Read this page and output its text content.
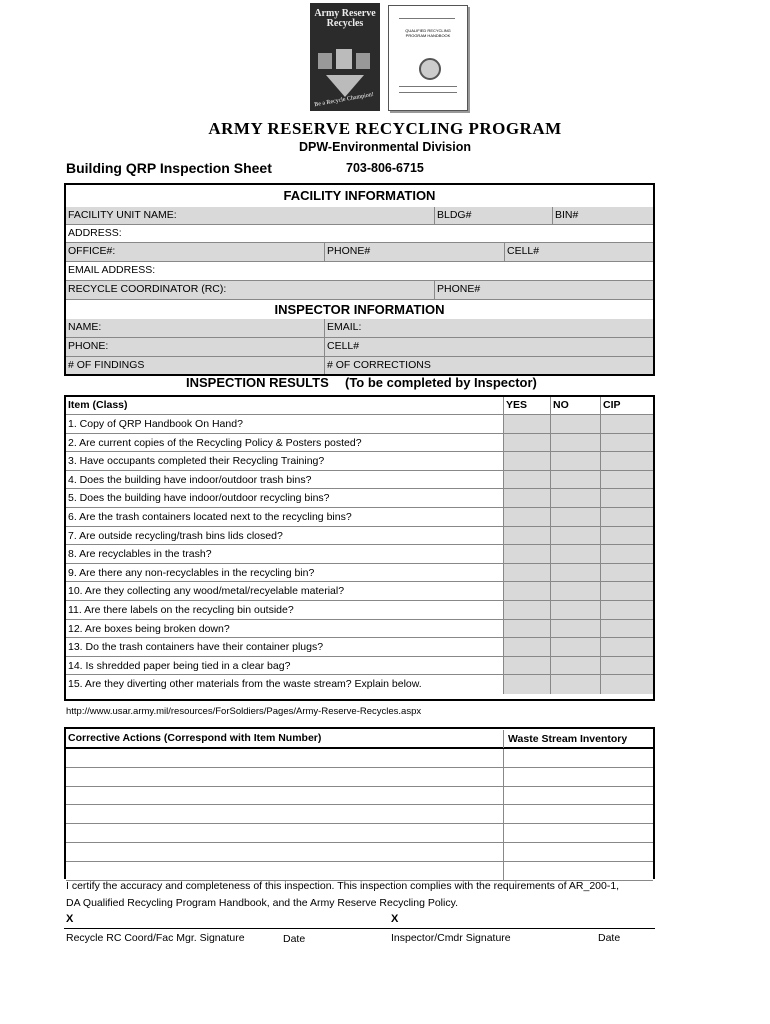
Army Reserve
Recycles
Be a Recycle Champion!
QUALIFIED RECYCLING PROGRAM HANDBOOK
ARMY RESERVE RECYCLING PROGRAM
DPW-Environmental Division
Building QRP Inspection Sheet	703-806-6715
FACILITY INFORMATION
FACILITY UNIT NAME:	BLDG#	BIN#
ADDRESS:
OFFICE#:	PHONE#	CELL#
EMAIL ADDRESS:
RECYCLE COORDINATOR (RC):	PHONE#
INSPECTOR INFORMATION
NAME:	EMAIL:
PHONE:	CELL#
# OF FINDINGS	# OF CORRECTIONS
INSPECTION RESULTS (To be completed by Inspector)
Item (Class)	YES	NO	CIP
1. Copy of QRP Handbook On Hand?
2. Are current copies of the Recycling Policy & Posters posted?
3. Have occupants completed their Recycling Training?
4. Does the building have indoor/outdoor trash bins?
5. Does the building have indoor/outdoor recycling bins?
6. Are the trash containers located next to the recycling bins?
7. Are outside recycling/trash bins lids closed?
8. Are recyclables in the trash?
9. Are there any non-recyclables in the recycling bin?
10. Are they collecting any wood/metal/recyelable material?
11. Are there labels on the recycling bin outside?
12. Are boxes being broken down?
13. Do the trash containers have their container plugs?
14. Is shredded paper being tied in a clear bag?
15. Are they diverting other materials from the waste stream? Explain below.
http://www.usar.army.mil/resources/ForSoldiers/Pages/Army-Reserve-Recycles.aspx
Corrective Actions (Correspond with Item Number)	Waste Stream Inventory
I certify the accuracy and completeness of this inspection. This inspection complies with the requirements of AR_200-1, DA Qualified Recycling Program Handbook, and the Army Reserve Recycling Policy.
X	X
Recycle RC Coord/Fac Mgr. Signature	Date	Inspector/Cmdr Signature	Date
